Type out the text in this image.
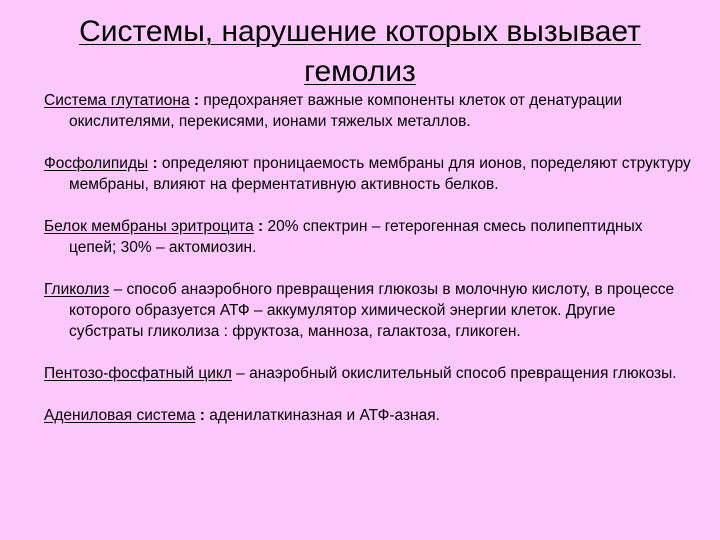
Системы, нарушение которых вызывает гемолиз
Система глутатиона : предохраняет важные компоненты клеток от денатурации окислителями, перекисями, ионами тяжелых металлов.
Фосфолипиды : определяют проницаемость мембраны для ионов, поределяют структуру мембраны, влияют на ферментативную активность белков.
Белок мембраны эритроцита : 20% спектрин – гетерогенная смесь полипептидных цепей; 30% – актомиозин.
Гликолиз – способ анаэробного превращения глюкозы в молочную кислоту, в процессе которого образуется АТФ – аккумулятор химической энергии клеток. Другие субстраты гликолиза : фруктоза, манноза, галактоза, гликоген.
Пентозо-фосфатный цикл – анаэробный окислительный способ превращения глюкозы.
Адениловая система : аденилаткиназная и АТФ-азная.
